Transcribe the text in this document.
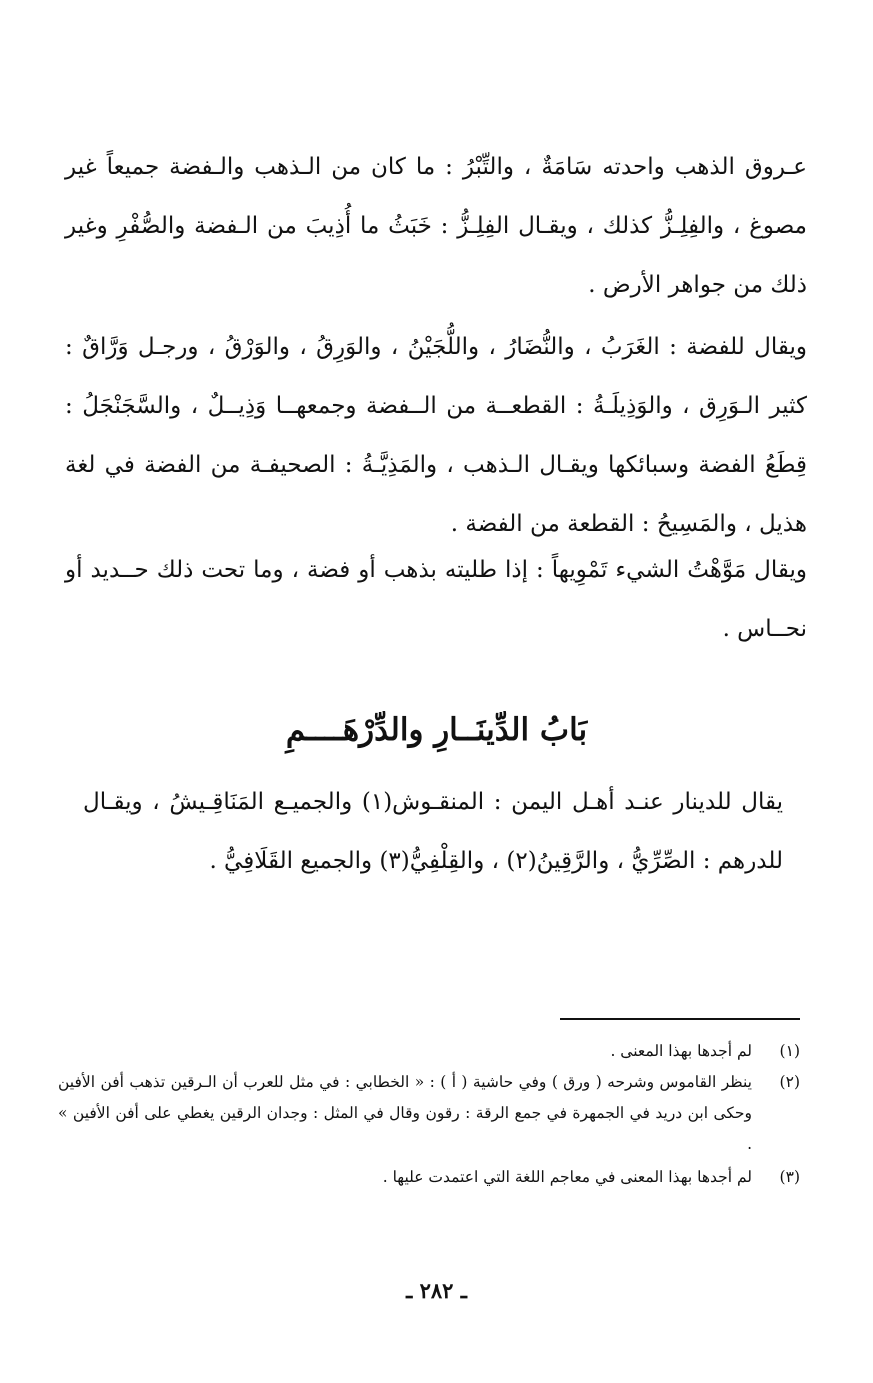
عـروق الذهب واحدته سَامَةٌ ، والتِّبْرُ : ما كان من الـذهب والـفضة جميعاً غير مصوغ ، والفِلِـزُّ كذلك ، ويقـال الفِلِـزُّ : خَبَثُ ما أُذِيبَ من الـفضة والصُّفْرِ وغير ذلك من جواهر الأرض .

ويقال للفضة : الغَرَبُ ، والنُّضَارُ ، واللُّجَيْنُ ، والوَرِقُ ، والوَرْقُ ، ورجـل وَرَّاقٌ : كثير الـوَرِق ، والوَذِيلَـةُ : القطعــة من الــفضة وجمعهــا وَذِيــلٌ ، والسَّجَنْجَلُ : قِطَعُ الفضة وسبائكها ويقـال الـذهب ، والمَذِيَّـةُ : الصحيفـة من الفضة في لغة هذيل ، والمَسِيحُ : القطعة من الفضة .

ويقال مَوَّهْتُ الشيء تَمْوِيهاً : إذا طليته بذهب أو فضة ، وما تحت ذلك حــديد أو نحــاس .

بَابُ الدِّينَــارِ والدِّرْهَــــمِ

يقال للدينار عنـد أهـل اليمن : المنقـوش(١) والجميـع المَنَاقِـيشُ ، ويقـال للدرهم : الصِّرِّيُّ ، والرَّقِينُ(٢) ، والقِلْفِيُّ(٣) والجميع القَلَافِيُّ .

(١)
لم أجدها بهذا المعنى .
(٢)
ينظر القاموس وشرحه ( ورق ) وفي حاشية ( أ ) : « الخطابي : في مثل للعرب أن الـرقين تذهب أفن الأفين وحكى ابن دريد في الجمهرة في جمع الرقة : رقون وقال في المثل : وجدان الرقين يغطي على أفن الأفين » .
(٣)
لم أجدها بهذا المعنى في معاجم اللغة التي اعتمدت عليها .
ـ ٢٨٢ ـ
